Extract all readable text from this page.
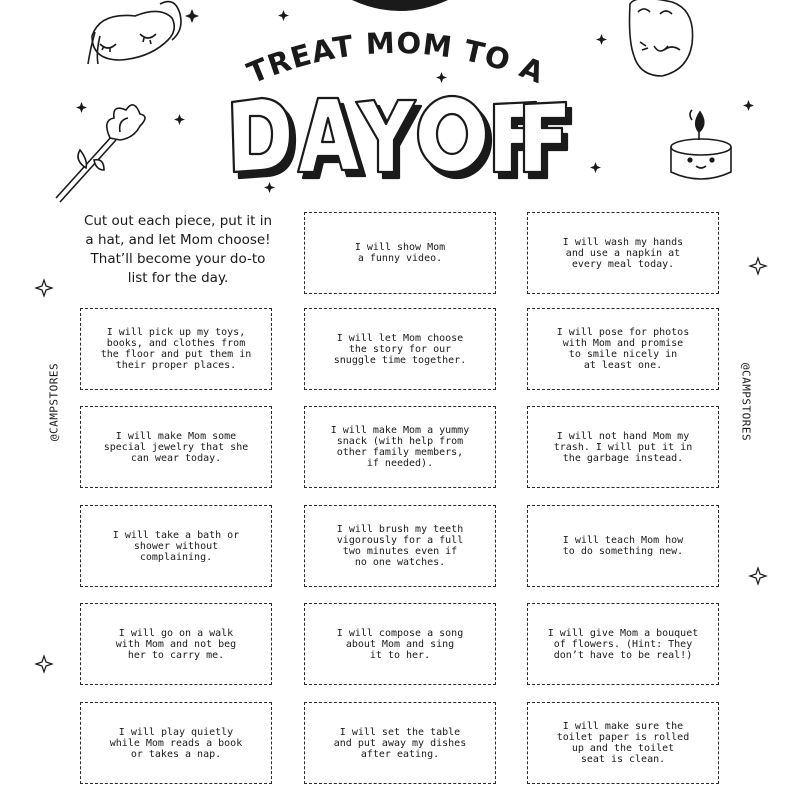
TREAT MOM TO A
Cut out each piece, put it in a hat, and let Mom choose! That’ll become your do-to list for the day.
@CAMPSTORES	@CAMPSTORES
I will show Mom
a funny video.
I will wash my hands
and use a napkin at
every meal today.
I will pick up my toys,
books, and clothes from
the floor and put them in
their proper places.
I will let Mom choose
the story for our
snuggle time together.
I will pose for photos
with Mom and promise
to smile nicely in
at least one.
I will make Mom some
special jewelry that she
can wear today.
I will make Mom a yummy
snack (with help from
other family members,
if needed).
I will not hand Mom my
trash. I will put it in
the garbage instead.
I will take a bath or
shower without
complaining.
I will brush my teeth
vigorously for a full
two minutes even if
no one watches.
I will teach Mom how
to do something new.
I will go on a walk
with Mom and not beg
her to carry me.
I will compose a song
about Mom and sing
it to her.
I will give Mom a bouquet
of flowers. (Hint: They
don’t have to be real!)
I will play quietly
while Mom reads a book
or takes a nap.
I will set the table
and put away my dishes
after eating.
I will make sure the
toilet paper is rolled
up and the toilet
seat is clean.
